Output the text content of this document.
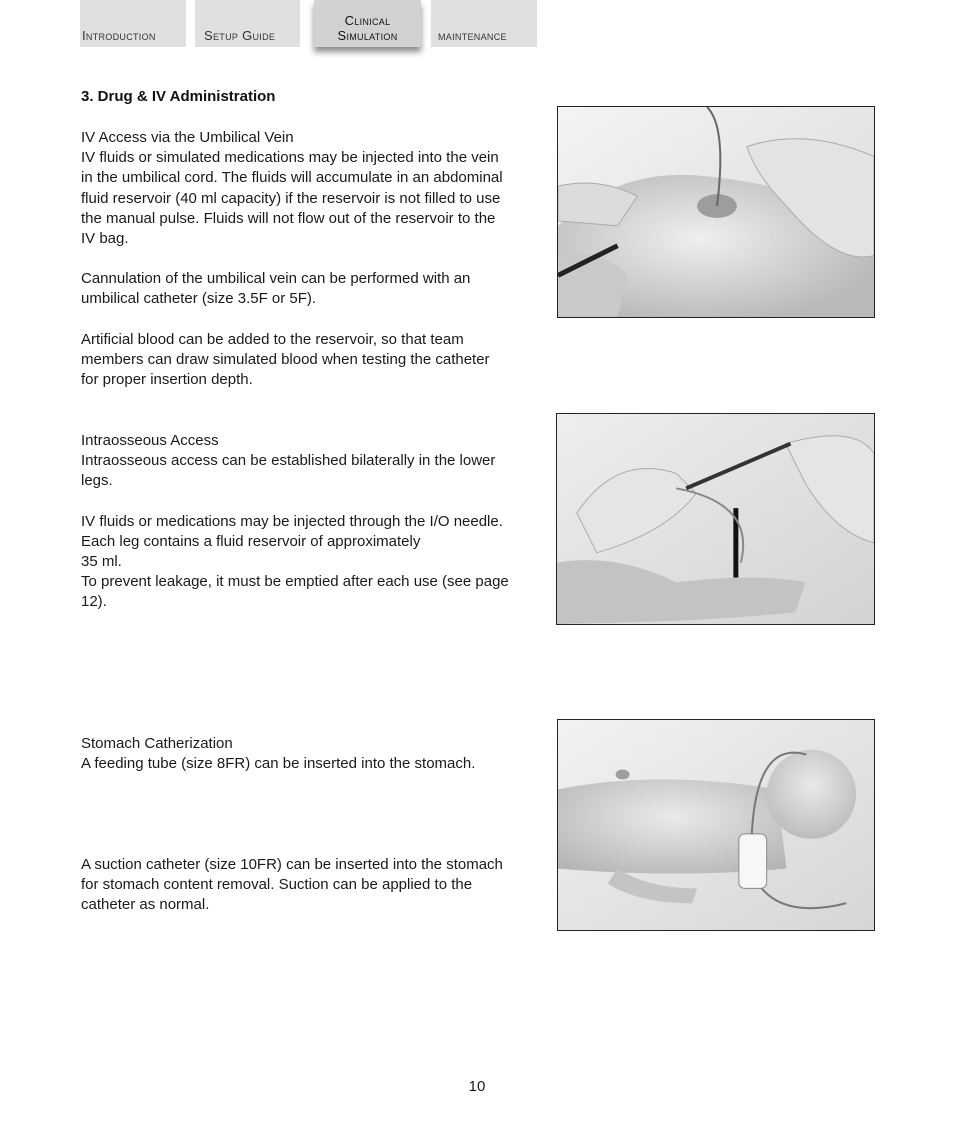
Introduction	Setup Guide
Clinical
Simulation	maintenance
3. Drug & IV Administration
IV Access via the Umbilical Vein

IV fluids or simulated medications may be injected into the vein in the umbilical cord. The fluids will accumulate in an abdominal fluid reservoir (40 ml capacity) if the reservoir is not filled to use the manual pulse. Fluids will not flow out of the reservoir to the IV bag.

Cannulation of the umbilical vein can be performed with an umbilical catheter (size 3.5F or 5F).

Artificial blood can be added to the reservoir, so that team members can draw simulated blood when testing the catheter for proper insertion depth.

Intraosseous Access

Intraosseous access can be established bilaterally in the lower legs.

IV fluids or medications may be injected through the I/O needle. Each leg contains a fluid reservoir of approximately

35 ml.

To prevent leakage, it must be emptied after each use (see page 12).

Stomach Catherization

A feeding tube (size 8FR) can be inserted into the stomach.

A suction catheter (size 10FR) can be inserted into the stomach for stomach content removal. Suction can be applied to the catheter as normal.

10
